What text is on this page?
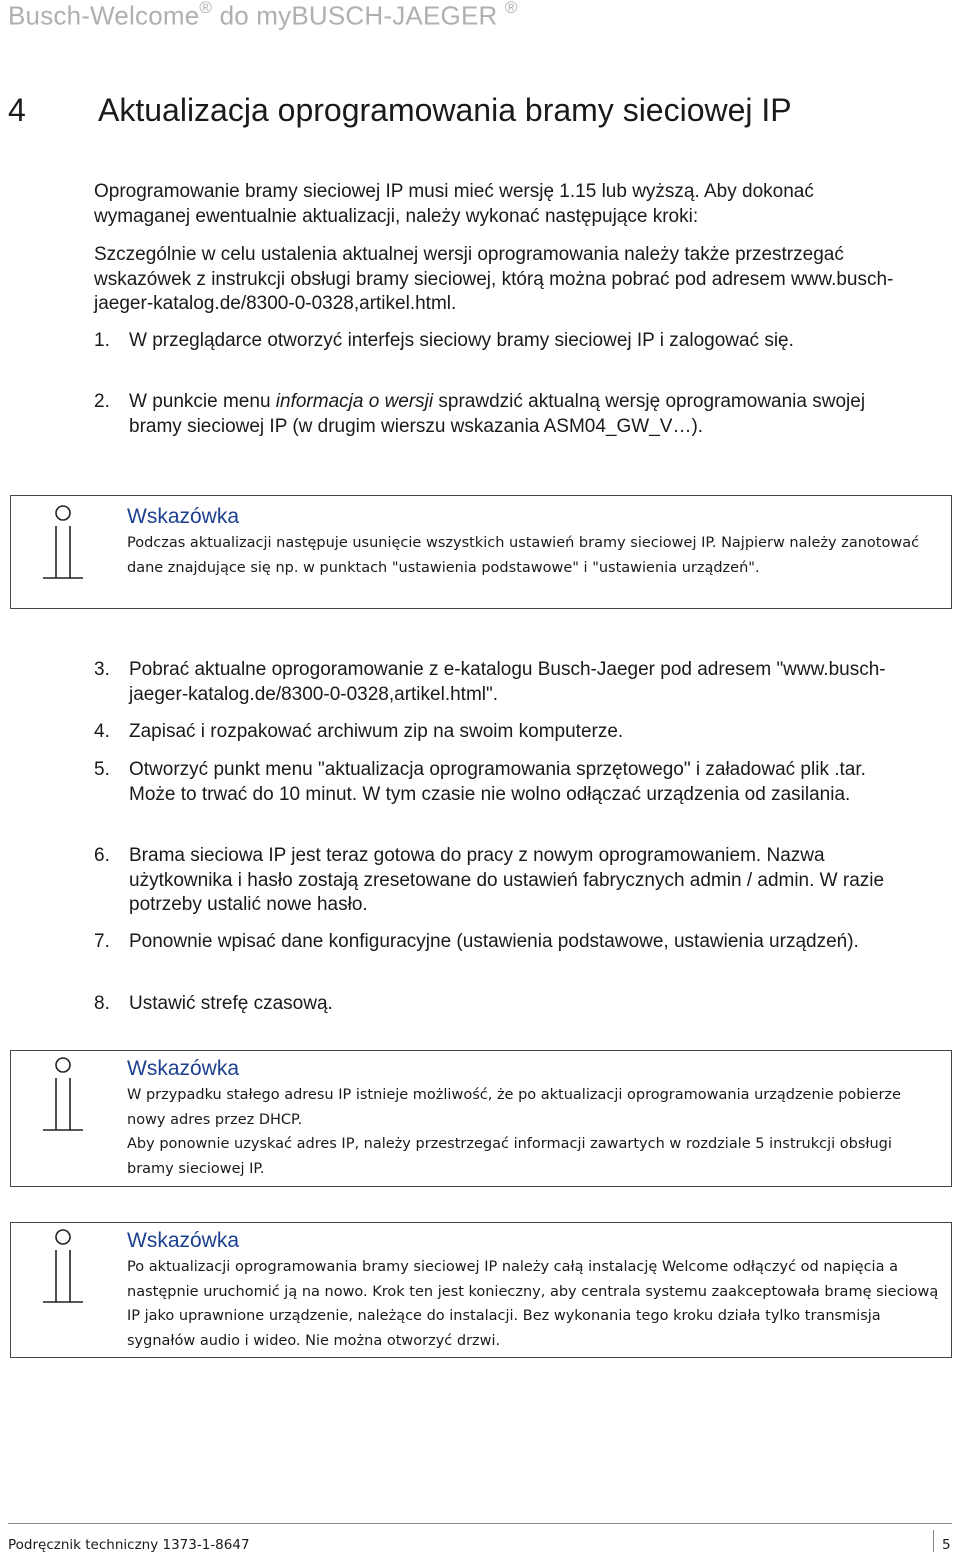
Busch-Welcome® do myBUSCH-JAEGER ®
4 Aktualizacja oprogramowania bramy sieciowej IP
Oprogramowanie bramy sieciowej IP musi mieć wersję 1.15 lub wyższą. Aby dokonać wymaganej ewentualnie aktualizacji, należy wykonać następujące kroki:
Szczególnie w celu ustalenia aktualnej wersji oprogramowania należy także przestrzegać wskazówek z instrukcji obsługi bramy sieciowej, którą można pobrać pod adresem www.busch-jaeger-katalog.de/8300-0-0328,artikel.html.
1. W przeglądarce otworzyć interfejs sieciowy bramy sieciowej IP i zalogować się.
2. W punkcie menu informacja o wersji sprawdzić aktualną wersję oprogramowania swojej bramy sieciowej IP (w drugim wierszu wskazania ASM04_GW_V…).
Wskazówka
Podczas aktualizacji następuje usunięcie wszystkich ustawień bramy sieciowej IP. Najpierw należy zanotować dane znajdujące się np. w punktach "ustawienia podstawowe" i "ustawienia urządzeń".
3. Pobrać aktualne oprogoramowanie z e-katalogu Busch-Jaeger pod adresem "www.busch-jaeger-katalog.de/8300-0-0328,artikel.html".
4. Zapisać i rozpakować archiwum zip na swoim komputerze.
5. Otworzyć punkt menu "aktualizacja oprogramowania sprzętowego" i załadować plik .tar. Może to trwać do 10 minut. W tym czasie nie wolno odłączać urządzenia od zasilania.
6. Brama sieciowa IP jest teraz gotowa do pracy z nowym oprogramowaniem. Nazwa użytkownika i hasło zostają zresetowane do ustawień fabrycznych admin / admin. W razie potrzeby ustalić nowe hasło.
7. Ponownie wpisać dane konfiguracyjne (ustawienia podstawowe, ustawienia urządzeń).
8. Ustawić strefę czasową.
Wskazówka
W przypadku stałego adresu IP istnieje możliwość, że po aktualizacji oprogramowania urządzenie pobierze nowy adres przez DHCP.
Aby ponownie uzyskać adres IP, należy przestrzegać informacji zawartych w rozdziale 5 instrukcji obsługi bramy sieciowej IP.
Wskazówka
Po aktualizacji oprogramowania bramy sieciowej IP należy całą instalację Welcome odłączyć od napięcia a następnie uruchomić ją na nowo. Krok ten jest konieczny, aby centrala systemu zaakceptowała bramę sieciową IP jako uprawnione urządzenie, należące do instalacji. Bez wykonania tego kroku działa tylko transmisja sygnałów audio i wideo. Nie można otworzyć drzwi.
Podręcznik techniczny 1373-1-8647	5
